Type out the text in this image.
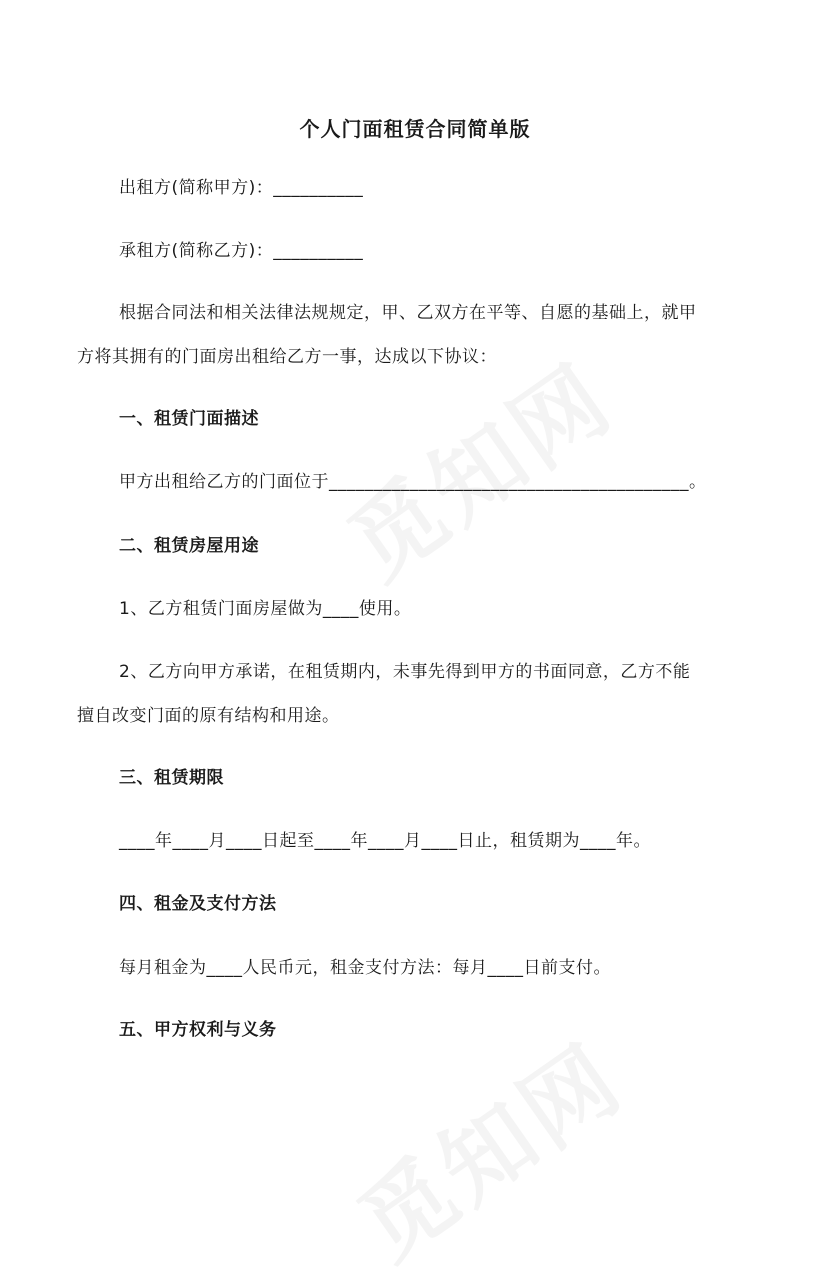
个人门面租赁合同简单版
出租方(简称甲方)：__________
承租方(简称乙方)：__________
根据合同法和相关法律法规规定，甲、乙双方在平等、自愿的基础上，就甲
方将其拥有的门面房出租给乙方一事，达成以下协议：
一、租赁门面描述
甲方出租给乙方的门面位于________________________________________。
二、租赁房屋用途
1、乙方租赁门面房屋做为____使用。
2、乙方向甲方承诺，在租赁期内，未事先得到甲方的书面同意，乙方不能
擅自改变门面的原有结构和用途。
三、租赁期限
____年____月____日起至____年____月____日止，租赁期为____年。
四、租金及支付方法
每月租金为____人民币元，租金支付方法：每月____日前支付。
五、甲方权利与义务
